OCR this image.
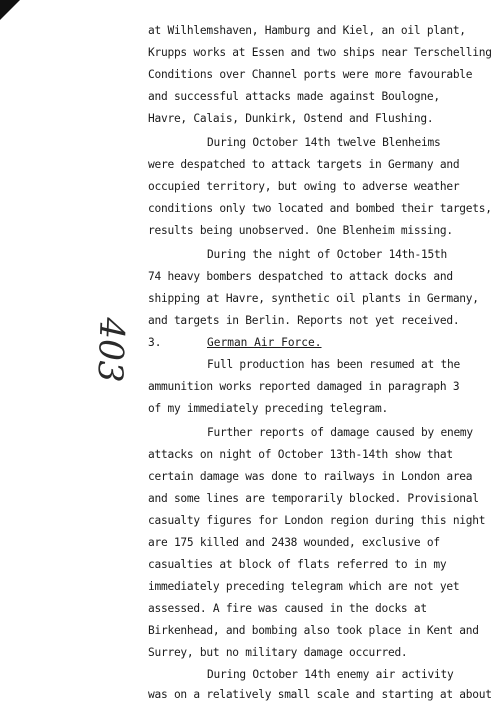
at Wilhlemshaven, Hamburg and Kiel, an oil plant,
Krupps works at Essen and two ships near Terschelling
Conditions over Channel ports were more favourable
and successful attacks made against Boulogne,
Havre, Calais, Dunkirk, Ostend and Flushing.
During October 14th twelve Blenheims
were despatched to attack targets in Germany and
occupied territory, but owing to adverse weather
conditions only two located and bombed their targets,
results being unobserved. One Blenheim missing.
During the night of October 14th-15th
74 heavy bombers despatched to attack docks and
shipping at Havre, synthetic oil plants in Germany,
and targets in Berlin. Reports not yet received.
3.	German Air Force.
Full production has been resumed at the
ammunition works reported damaged in paragraph 3
of my immediately preceding telegram.
Further reports of damage caused by enemy
attacks on night of October 13th-14th show that
certain damage was done to railways in London area
and some lines are temporarily blocked. Provisional
casualty figures for London region during this night
are 175 killed and 2438 wounded, exclusive of
casualties at block of flats referred to in my
immediately preceding telegram which are not yet
assessed. A fire was caused in the docks at
Birkenhead, and bombing also took place in Kent and
Surrey, but no military damage occurred.
During October 14th enemy air activity
was on a relatively small scale and starting at about
403
